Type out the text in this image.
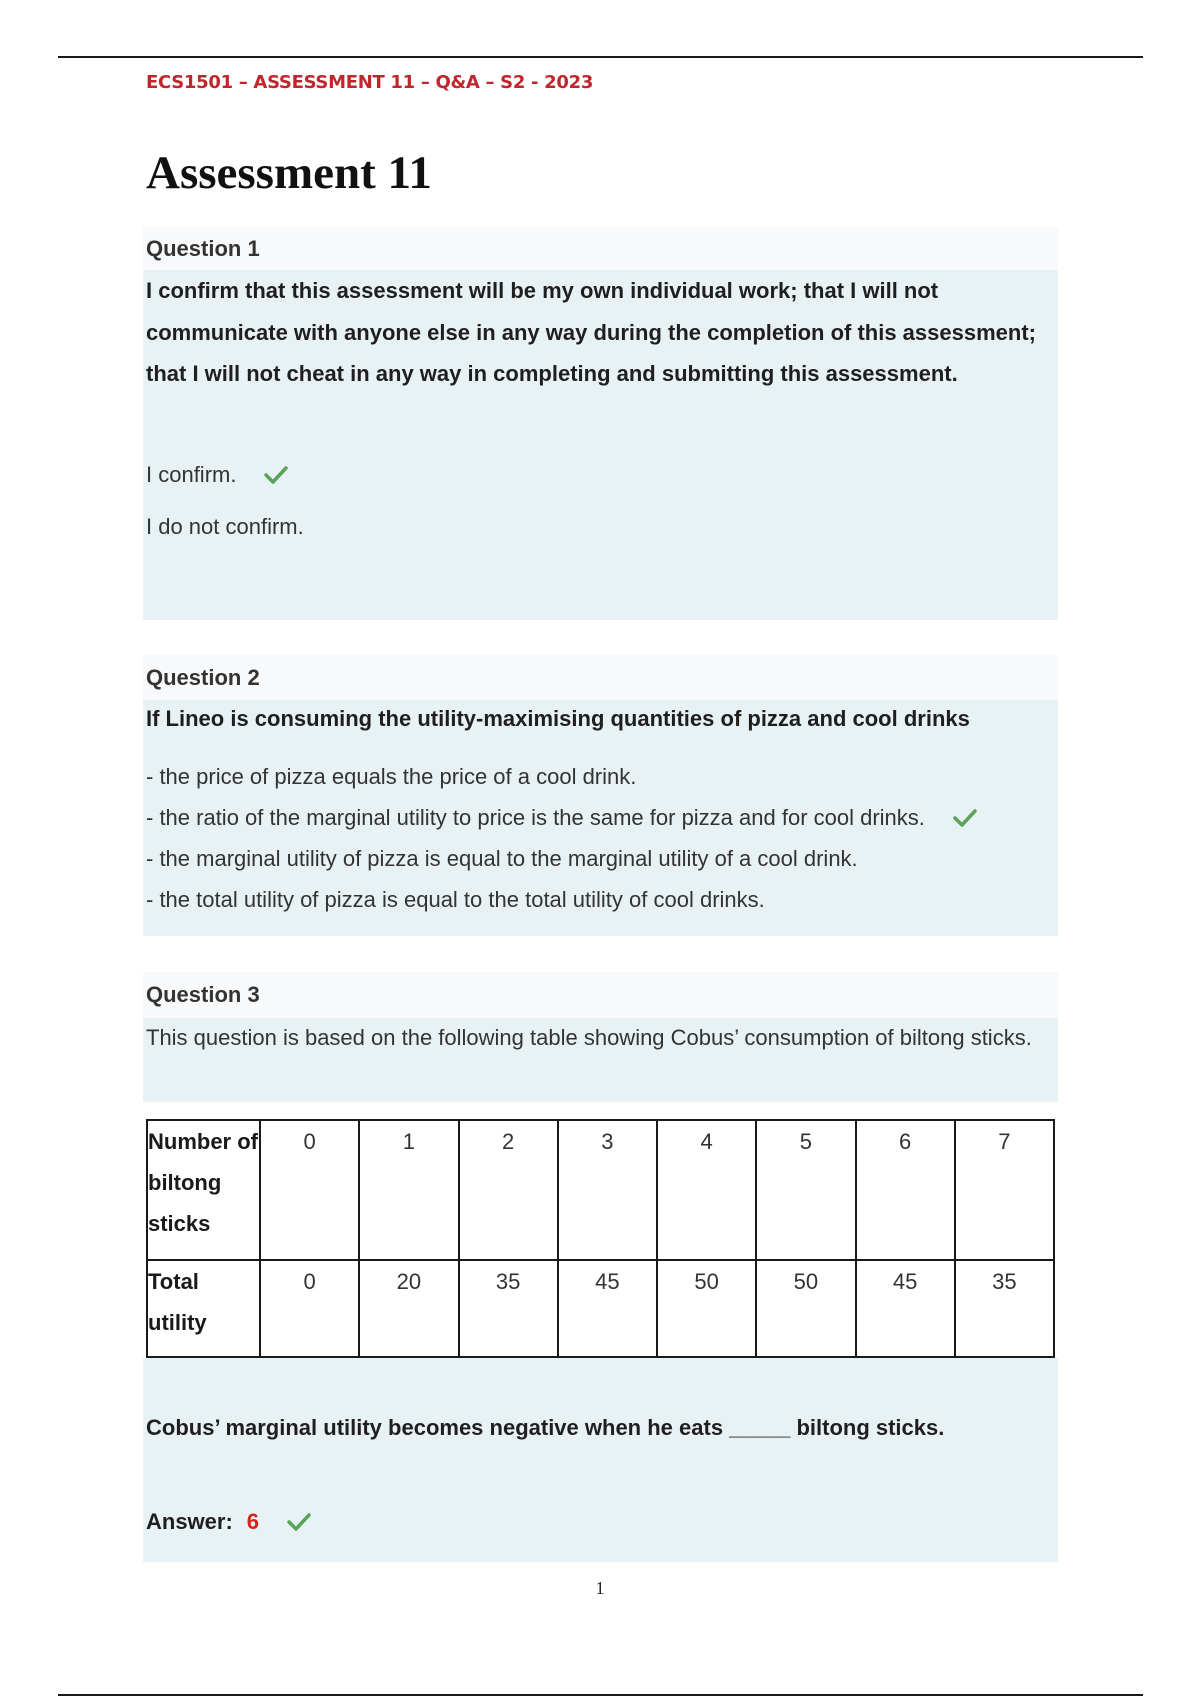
ECS1501 – ASSESSMENT 11 – Q&A – S2 - 2023
Assessment 11
Question 1

I confirm that this assessment will be my own individual work; that I will not communicate with anyone else in any way during the completion of this assessment; that I will not cheat in any way in completing and submitting this assessment.

I confirm.
I do not confirm.
Question 2

If Lineo is consuming the utility-maximising quantities of pizza and cool drinks

- the price of pizza equals the price of a cool drink.
- the ratio of the marginal utility to price is the same for pizza and for cool drinks.
- the marginal utility of pizza is equal to the marginal utility of a cool drink.
- the total utility of pizza is equal to the total utility of cool drinks.
Question 3

This question is based on the following table showing Cobus’ consumption of biltong sticks.

Number of biltong sticks	0	1	2	3	4	5	6	7
Total utility	0	20	35	45	50	50	45	35

Cobus’ marginal utility becomes negative when he eats _____ biltong sticks.

Answer: 6
1
